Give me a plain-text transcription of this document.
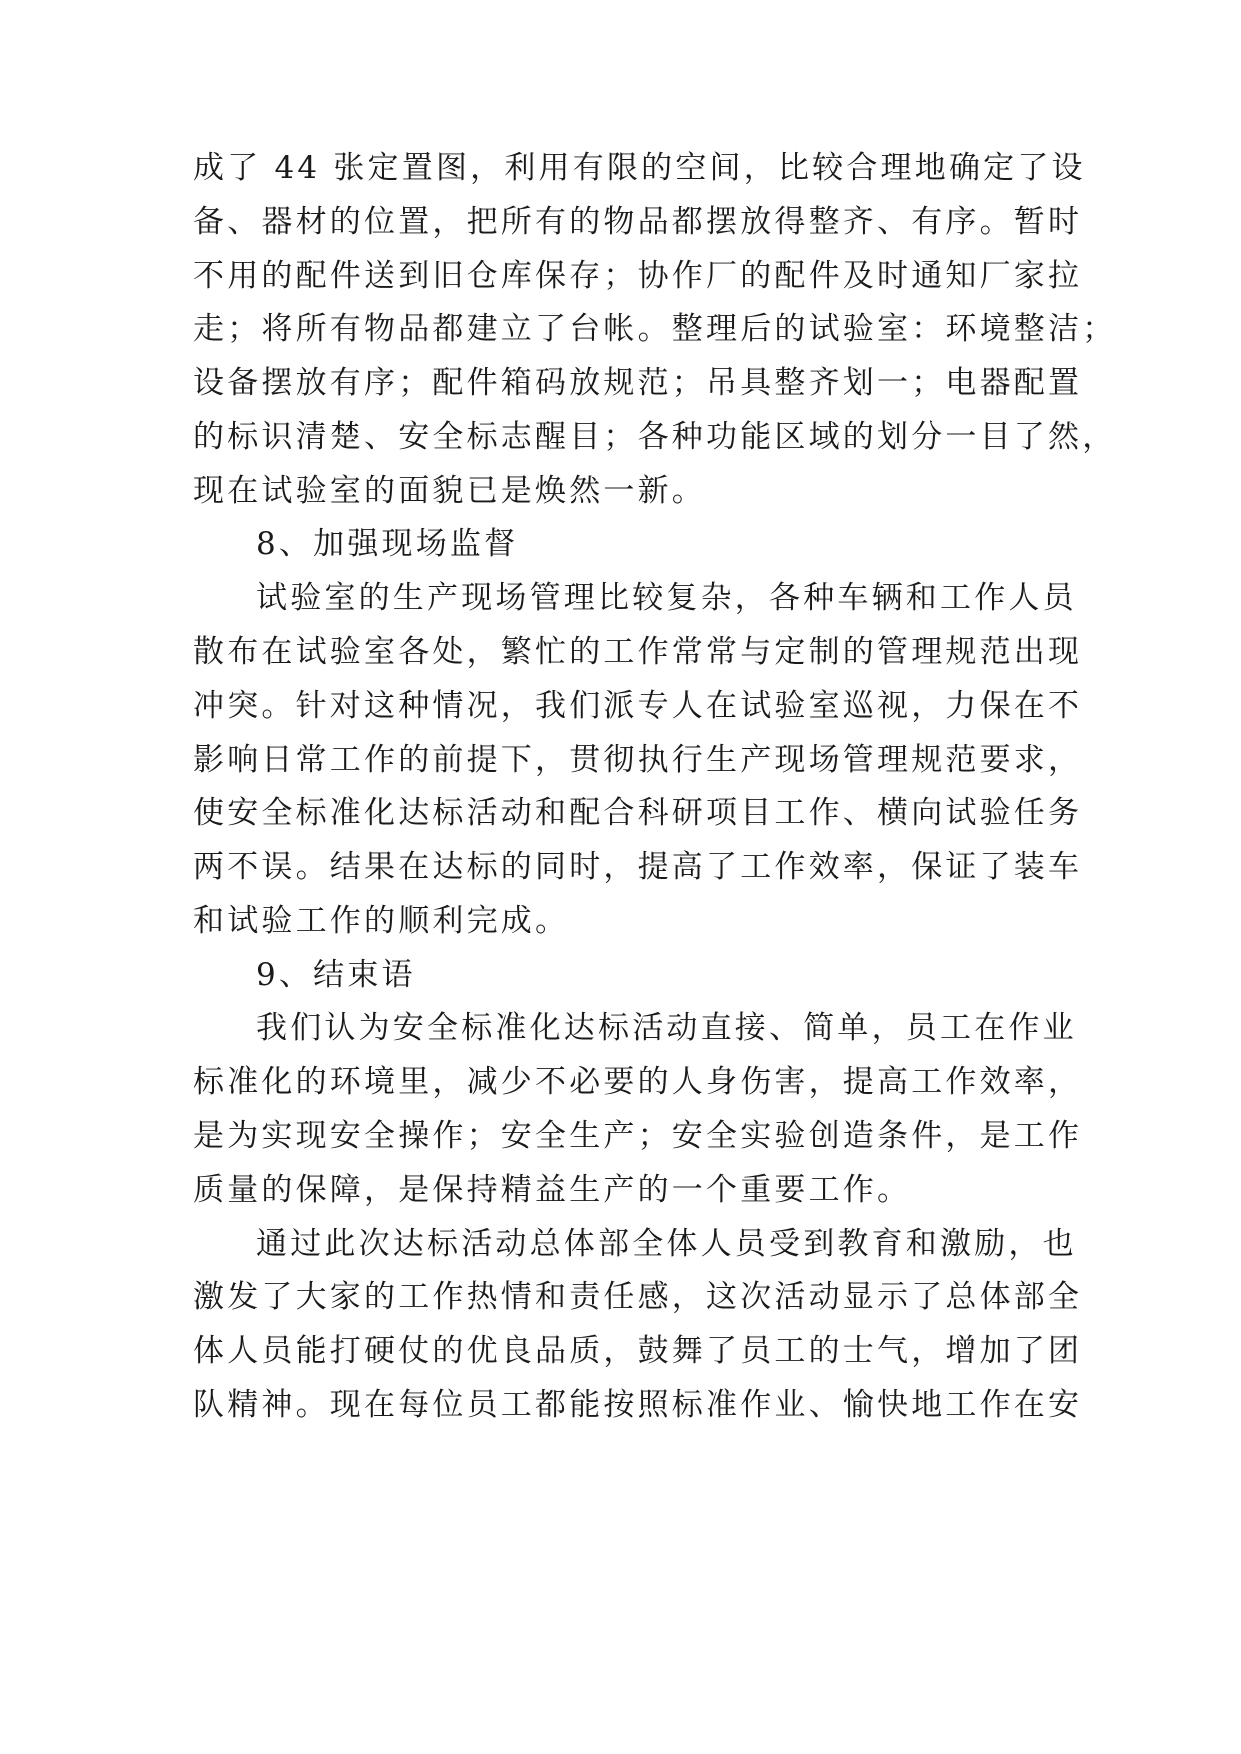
成了 44 张定置图，利用有限的空间，比较合理地确定了设
备、器材的位置，把所有的物品都摆放得整齐、有序。暂时
不用的配件送到旧仓库保存；协作厂的配件及时通知厂家拉
走；将所有物品都建立了台帐。整理后的试验室：环境整洁；
设备摆放有序；配件箱码放规范；吊具整齐划一；电器配置
的标识清楚、安全标志醒目；各种功能区域的划分一目了然，
现在试验室的面貌已是焕然一新。
8、加强现场监督
试验室的生产现场管理比较复杂，各种车辆和工作人员
散布在试验室各处，繁忙的工作常常与定制的管理规范出现
冲突。针对这种情况，我们派专人在试验室巡视，力保在不
影响日常工作的前提下，贯彻执行生产现场管理规范要求，
使安全标准化达标活动和配合科研项目工作、横向试验任务
两不误。结果在达标的同时，提高了工作效率，保证了装车
和试验工作的顺利完成。
9、结束语
我们认为安全标准化达标活动直接、简单，员工在作业
标准化的环境里，减少不必要的人身伤害，提高工作效率，
是为实现安全操作；安全生产；安全实验创造条件，是工作
质量的保障，是保持精益生产的一个重要工作。
通过此次达标活动总体部全体人员受到教育和激励，也
激发了大家的工作热情和责任感，这次活动显示了总体部全
体人员能打硬仗的优良品质，鼓舞了员工的士气，增加了团
队精神。现在每位员工都能按照标准作业、愉快地工作在安
